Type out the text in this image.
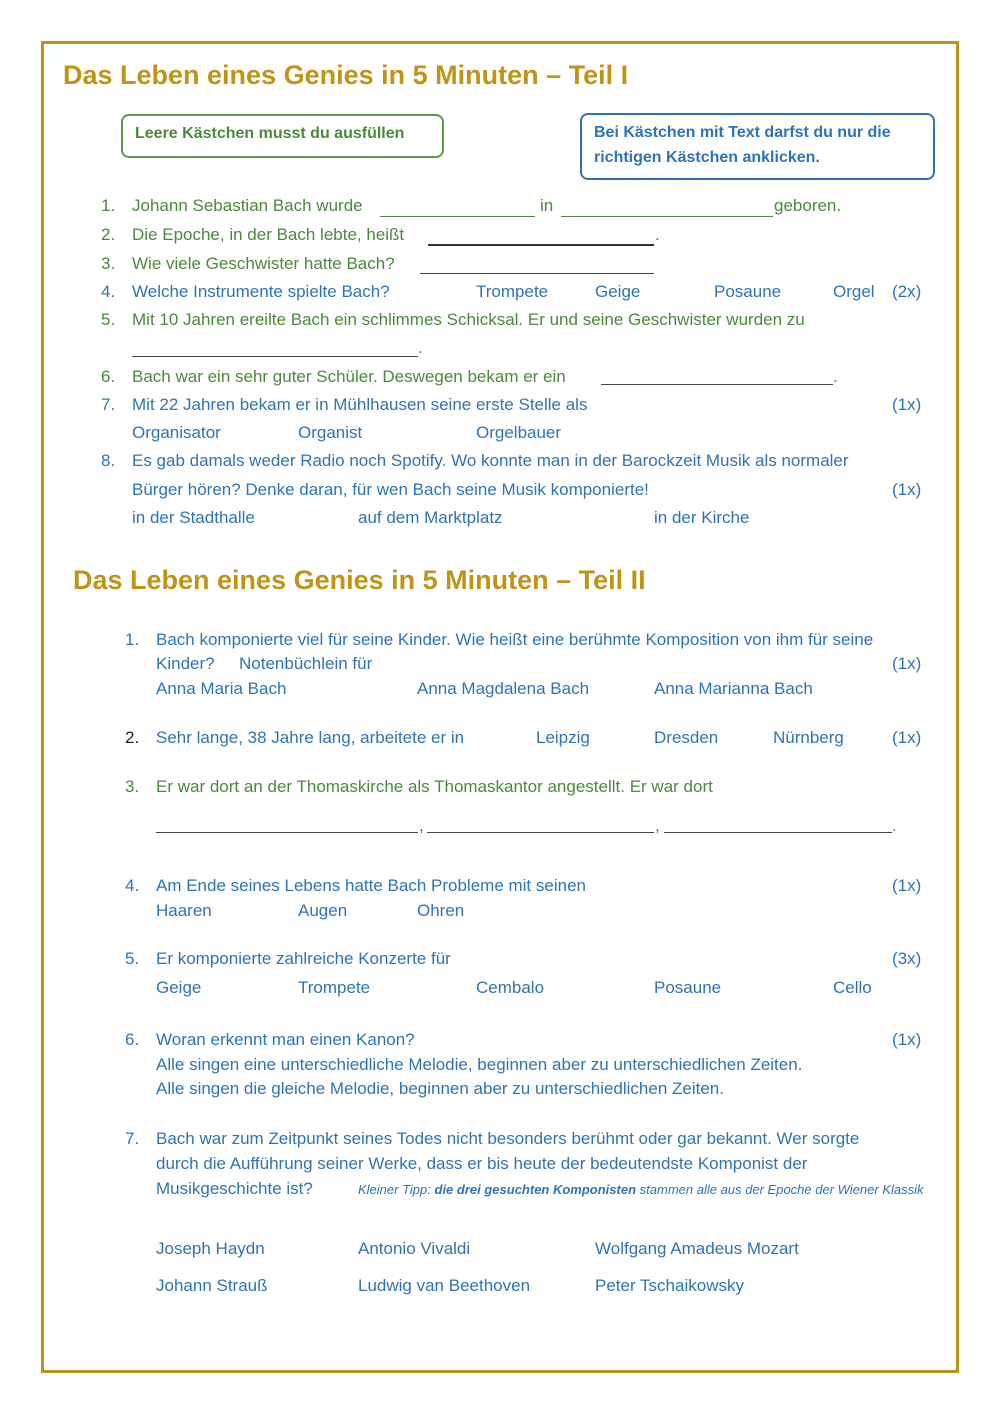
Das Leben eines Genies in 5 Minuten – Teil I
Leere Kästchen musst du ausfüllen	Bei Kästchen mit Text darfst du nur die richtigen Kästchen anklicken.
1. Johann Sebastian Bach wurde	in	geboren.
2. Die Epoche, in der Bach lebte, heißt	.
3. Wie viele Geschwister hatte Bach?
4. Welche Instrumente spielte Bach?	Trompete	Geige	Posaune	Orgel (2x)
5. Mit 10 Jahren ereilte Bach ein schlimmes Schicksal. Er und seine Geschwister wurden zu
.
6. Bach war ein sehr guter Schüler. Deswegen bekam er ein	.
7. Mit 22 Jahren bekam er in Mühlhausen seine erste Stelle als	(1x)
Organisator	Organist	Orgelbauer
8. Es gab damals weder Radio noch Spotify. Wo konnte man in der Barockzeit Musik als normaler
Bürger hören? Denke daran, für wen Bach seine Musik komponierte!	(1x)
in der Stadthalle	auf dem Marktplatz	in der Kirche
Das Leben eines Genies in 5 Minuten – Teil II
1. Bach komponierte viel für seine Kinder. Wie heißt eine berühmte Komposition von ihm für seine
Kinder? Notenbüchlein für	(1x)
Anna Maria Bach	Anna Magdalena Bach	Anna Marianna Bach
2. Sehr lange, 38 Jahre lang, arbeitete er in	Leipzig	Dresden	Nürnberg	(1x)
3. Er war dort an der Thomaskirche als Thomaskantor angestellt. Er war dort
,	,	.
4. Am Ende seines Lebens hatte Bach Probleme mit seinen	(1x)
Haaren	Augen	Ohren
5. Er komponierte zahlreiche Konzerte für	(3x)
Geige	Trompete	Cembalo	Posaune	Cello
6. Woran erkennt man einen Kanon?	(1x)
Alle singen eine unterschiedliche Melodie, beginnen aber zu unterschiedlichen Zeiten.
Alle singen die gleiche Melodie, beginnen aber zu unterschiedlichen Zeiten.
7. Bach war zum Zeitpunkt seines Todes nicht besonders berühmt oder gar bekannt. Wer sorgte
durch die Aufführung seiner Werke, dass er bis heute der bedeutendste Komponist der
Musikgeschichte ist?	Kleiner Tipp: die drei gesuchten Komponisten stammen alle aus der Epoche der Wiener Klassik
Joseph Haydn	Antonio Vivaldi	Wolfgang Amadeus Mozart
Johann Strauß	Ludwig van Beethoven	Peter Tschaikowsky
